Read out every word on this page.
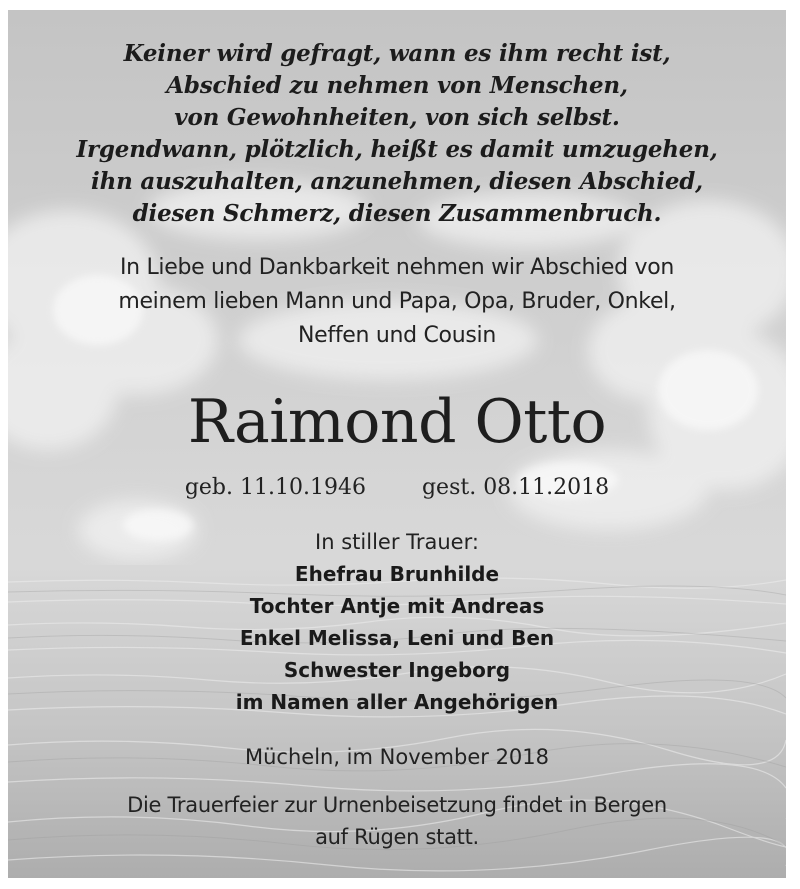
Keiner wird gefragt, wann es ihm recht ist,
Abschied zu nehmen von Menschen,
von Gewohnheiten, von sich selbst.
Irgendwann, plötzlich, heißt es damit umzugehen,
ihn auszuhalten, anzunehmen, diesen Abschied,
diesen Schmerz, diesen Zusammenbruch.
In Liebe und Dankbarkeit nehmen wir Abschied von
meinem lieben Mann und Papa, Opa, Bruder, Onkel,
Neffen und Cousin
Raimond Otto
geb. 11.10.1946	gest. 08.11.2018
In stiller Trauer:
Ehefrau Brunhilde
Tochter Antje mit Andreas
Enkel Melissa, Leni und Ben
Schwester Ingeborg
im Namen aller Angehörigen
Mücheln, im November 2018
Die Trauerfeier zur Urnenbeisetzung findet in Bergen
auf Rügen statt.
